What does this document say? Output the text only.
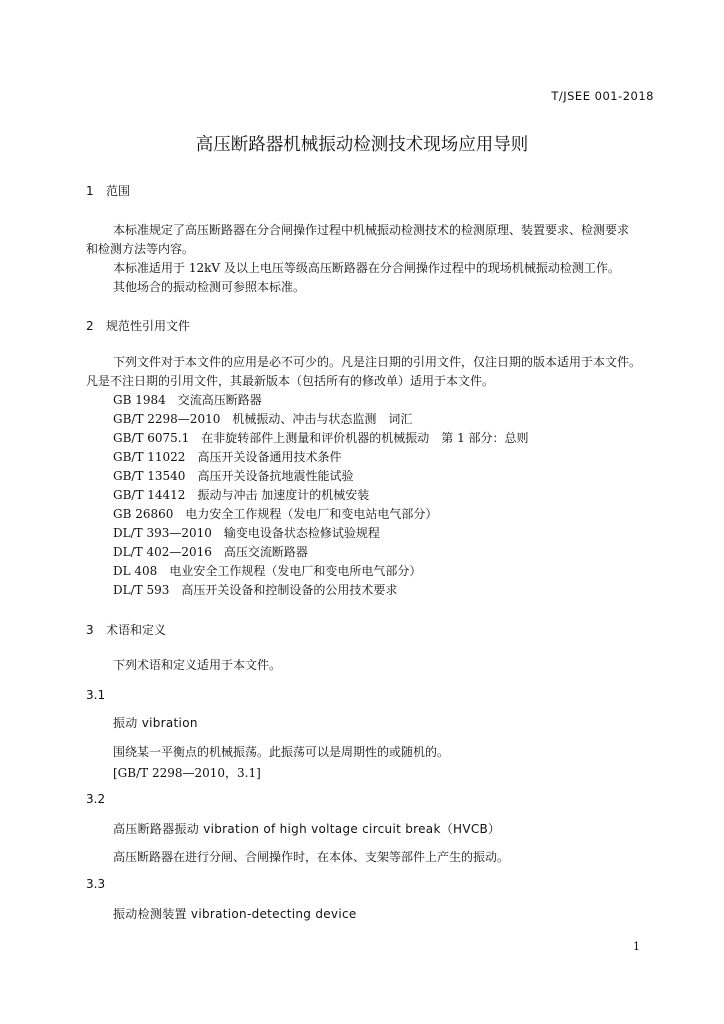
T/JSEE 001-2018
高压断路器机械振动检测技术现场应用导则
1 范围
本标准规定了高压断路器在分合闸操作过程中机械振动检测技术的检测原理、装置要求、检测要求
和检测方法等内容。
本标准适用于 12kV 及以上电压等级高压断路器在分合闸操作过程中的现场机械振动检测工作。
其他场合的振动检测可参照本标准。
2 规范性引用文件
下列文件对于本文件的应用是必不可少的。凡是注日期的引用文件，仅注日期的版本适用于本文件。
凡是不注日期的引用文件，其最新版本（包括所有的修改单）适用于本文件。
GB 1984 交流高压断路器
GB/T 2298—2010 机械振动、冲击与状态监测　词汇
GB/T 6075.1 在非旋转部件上测量和评价机器的机械振动　第 1 部分：总则
GB/T 11022 高压开关设备通用技术条件
GB/T 13540 高压开关设备抗地震性能试验
GB/T 14412 振动与冲击 加速度计的机械安装
GB 26860 电力安全工作规程（发电厂和变电站电气部分）
DL/T 393—2010 输变电设备状态检修试验规程
DL/T 402—2016 高压交流断路器
DL 408 电业安全工作规程（发电厂和变电所电气部分）
DL/T 593 高压开关设备和控制设备的公用技术要求
3 术语和定义
下列术语和定义适用于本文件。
3.1
振动 vibration
围绕某一平衡点的机械振荡。此振荡可以是周期性的或随机的。
[GB/T 2298—2010，3.1]
3.2
高压断路器振动 vibration of high voltage circuit break（HVCB）
高压断路器在进行分闸、合闸操作时，在本体、支架等部件上产生的振动。
3.3
振动检测装置 vibration-detecting device
1
